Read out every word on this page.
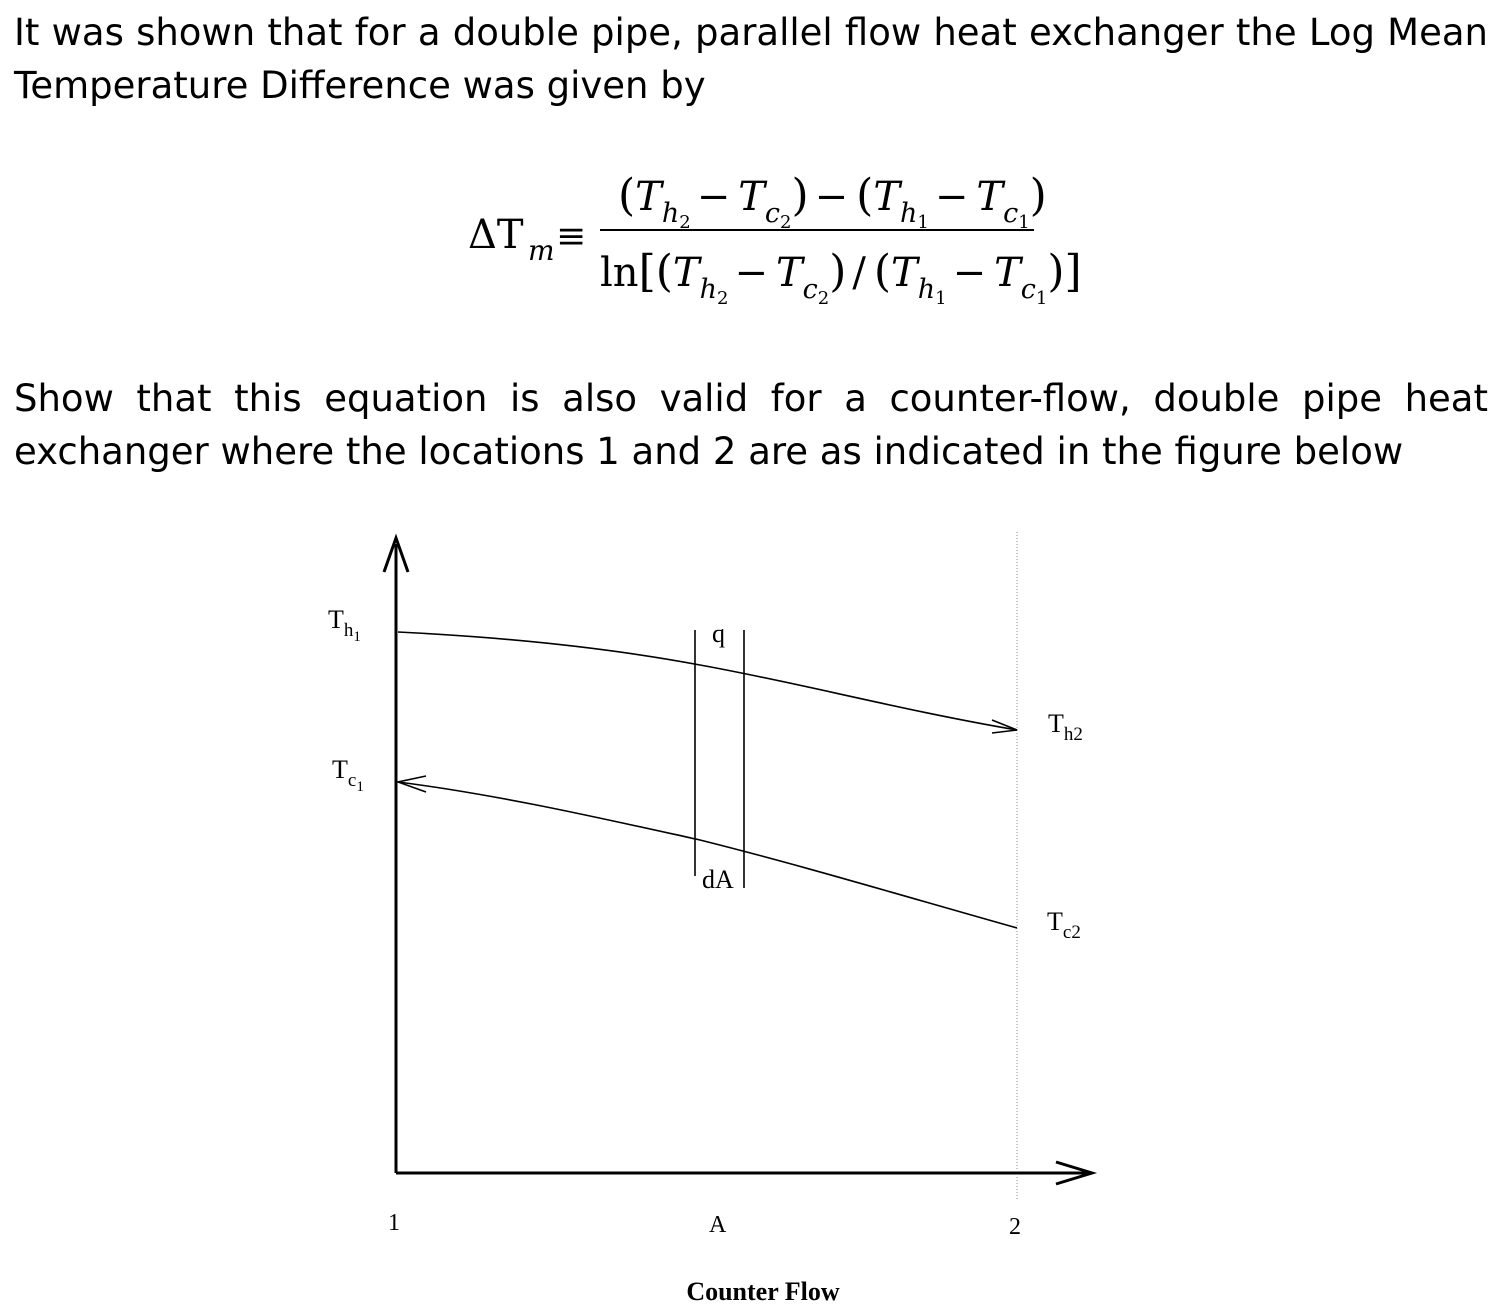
It was shown that for a double pipe, parallel flow heat exchanger the Log Mean Temperature Difference was given by

ΔT m ≡
$(T_h2- T_c2) - (T_h1- T_c1)$
$\ln[(T_h2- T_c2) / (T_h1- T_c1)]$

Show that this equation is also valid for a counter-flow, double pipe heat exchanger where the locations 1 and 2 are as indicated in the figure below

q
dA
$T_h1$
$T_c1$
$T_{h2}$
$T_{c2}$
1	A	2
Counter Flow
